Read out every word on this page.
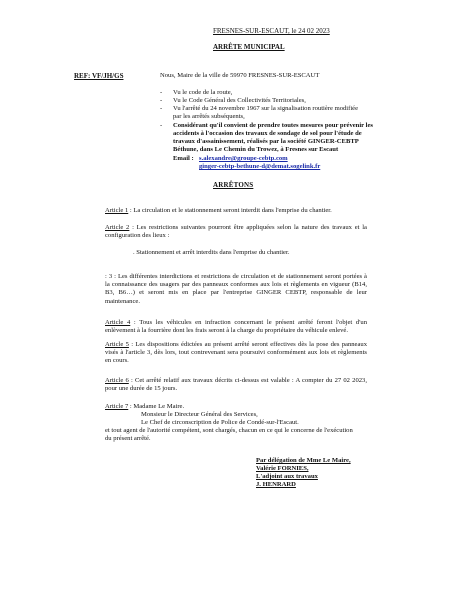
FRESNES-SUR-ESCAUT, le 24 02 2023
ARRÊTE MUNICIPAL
REF: VF/JH/GS	Nous, Maire de la ville de 59970 FRESNES-SUR-ESCAUT
- Vu le code de la route,
- Vu le Code Général des Collectivités Territoriales,
- Vu l'arrêté du 24 novembre 1967 sur la signalisation routière modifiée
par les arrêtés subséquents,
- Considérant qu'il convient de prendre toutes mesures pour prévenir les
accidents à l'occasion des travaux de sondage de sol pour l'étude de
travaux d'assainissement, réalisés par la société GINGER-CEBTP
Béthune, dans Le Chemin du Trowez, à Fresnes sur Escaut
Email : s.alexandre@groupe-cebtp.com
ginger-cebtp-bethune-d@demat.sogelink.fr
ARRÊTONS
Article 1 : La circulation et le stationnement seront interdit dans l'emprise du chantier.
Article 2 : Les restrictions suivantes pourront être appliquées selon la nature des travaux et la configuration des lieux :
. Stationnement et arrêt interdits dans l'emprise du chantier.
: 3 : Les différentes interdictions et restrictions de circulation et de stationnement seront portées à la connaissance des usagers par des panneaux conformes aux lois et règlements en vigueur (B14, B3, B6…) et seront mis en place par l'entreprise GINGER CEBTP, responsable de leur maintenance.
Article 4 : Tous les véhicules en infraction concernant le présent arrêté feront l'objet d'un enlèvement à la fourrière dont les frais seront à la charge du propriétaire du véhicule enlevé.
Article 5 : Les dispositions édictées au présent arrêté seront effectives dès la pose des panneaux visés à l'article 3, dès lors, tout contrevenant sera poursuivi conformément aux lois et règlements en cours.
Article 6 : Cet arrêté relatif aux travaux décrits ci-dessus est valable : A compter du 27 02 2023, pour une durée de 15 jours.
Article 7 : Madame Le Maire.
Monsieur le Directeur Général des Services,
Le Chef de circonscription de Police de Condé-sur-l'Escaut.
et tout agent de l'autorité compétent, sont chargés, chacun en ce qui le concerne de l'exécution
du présent arrêté.
Par délégation de Mme Le Maire,
Valérie FORNIES,
L'adjoint aux travaux
J. HENRARD
